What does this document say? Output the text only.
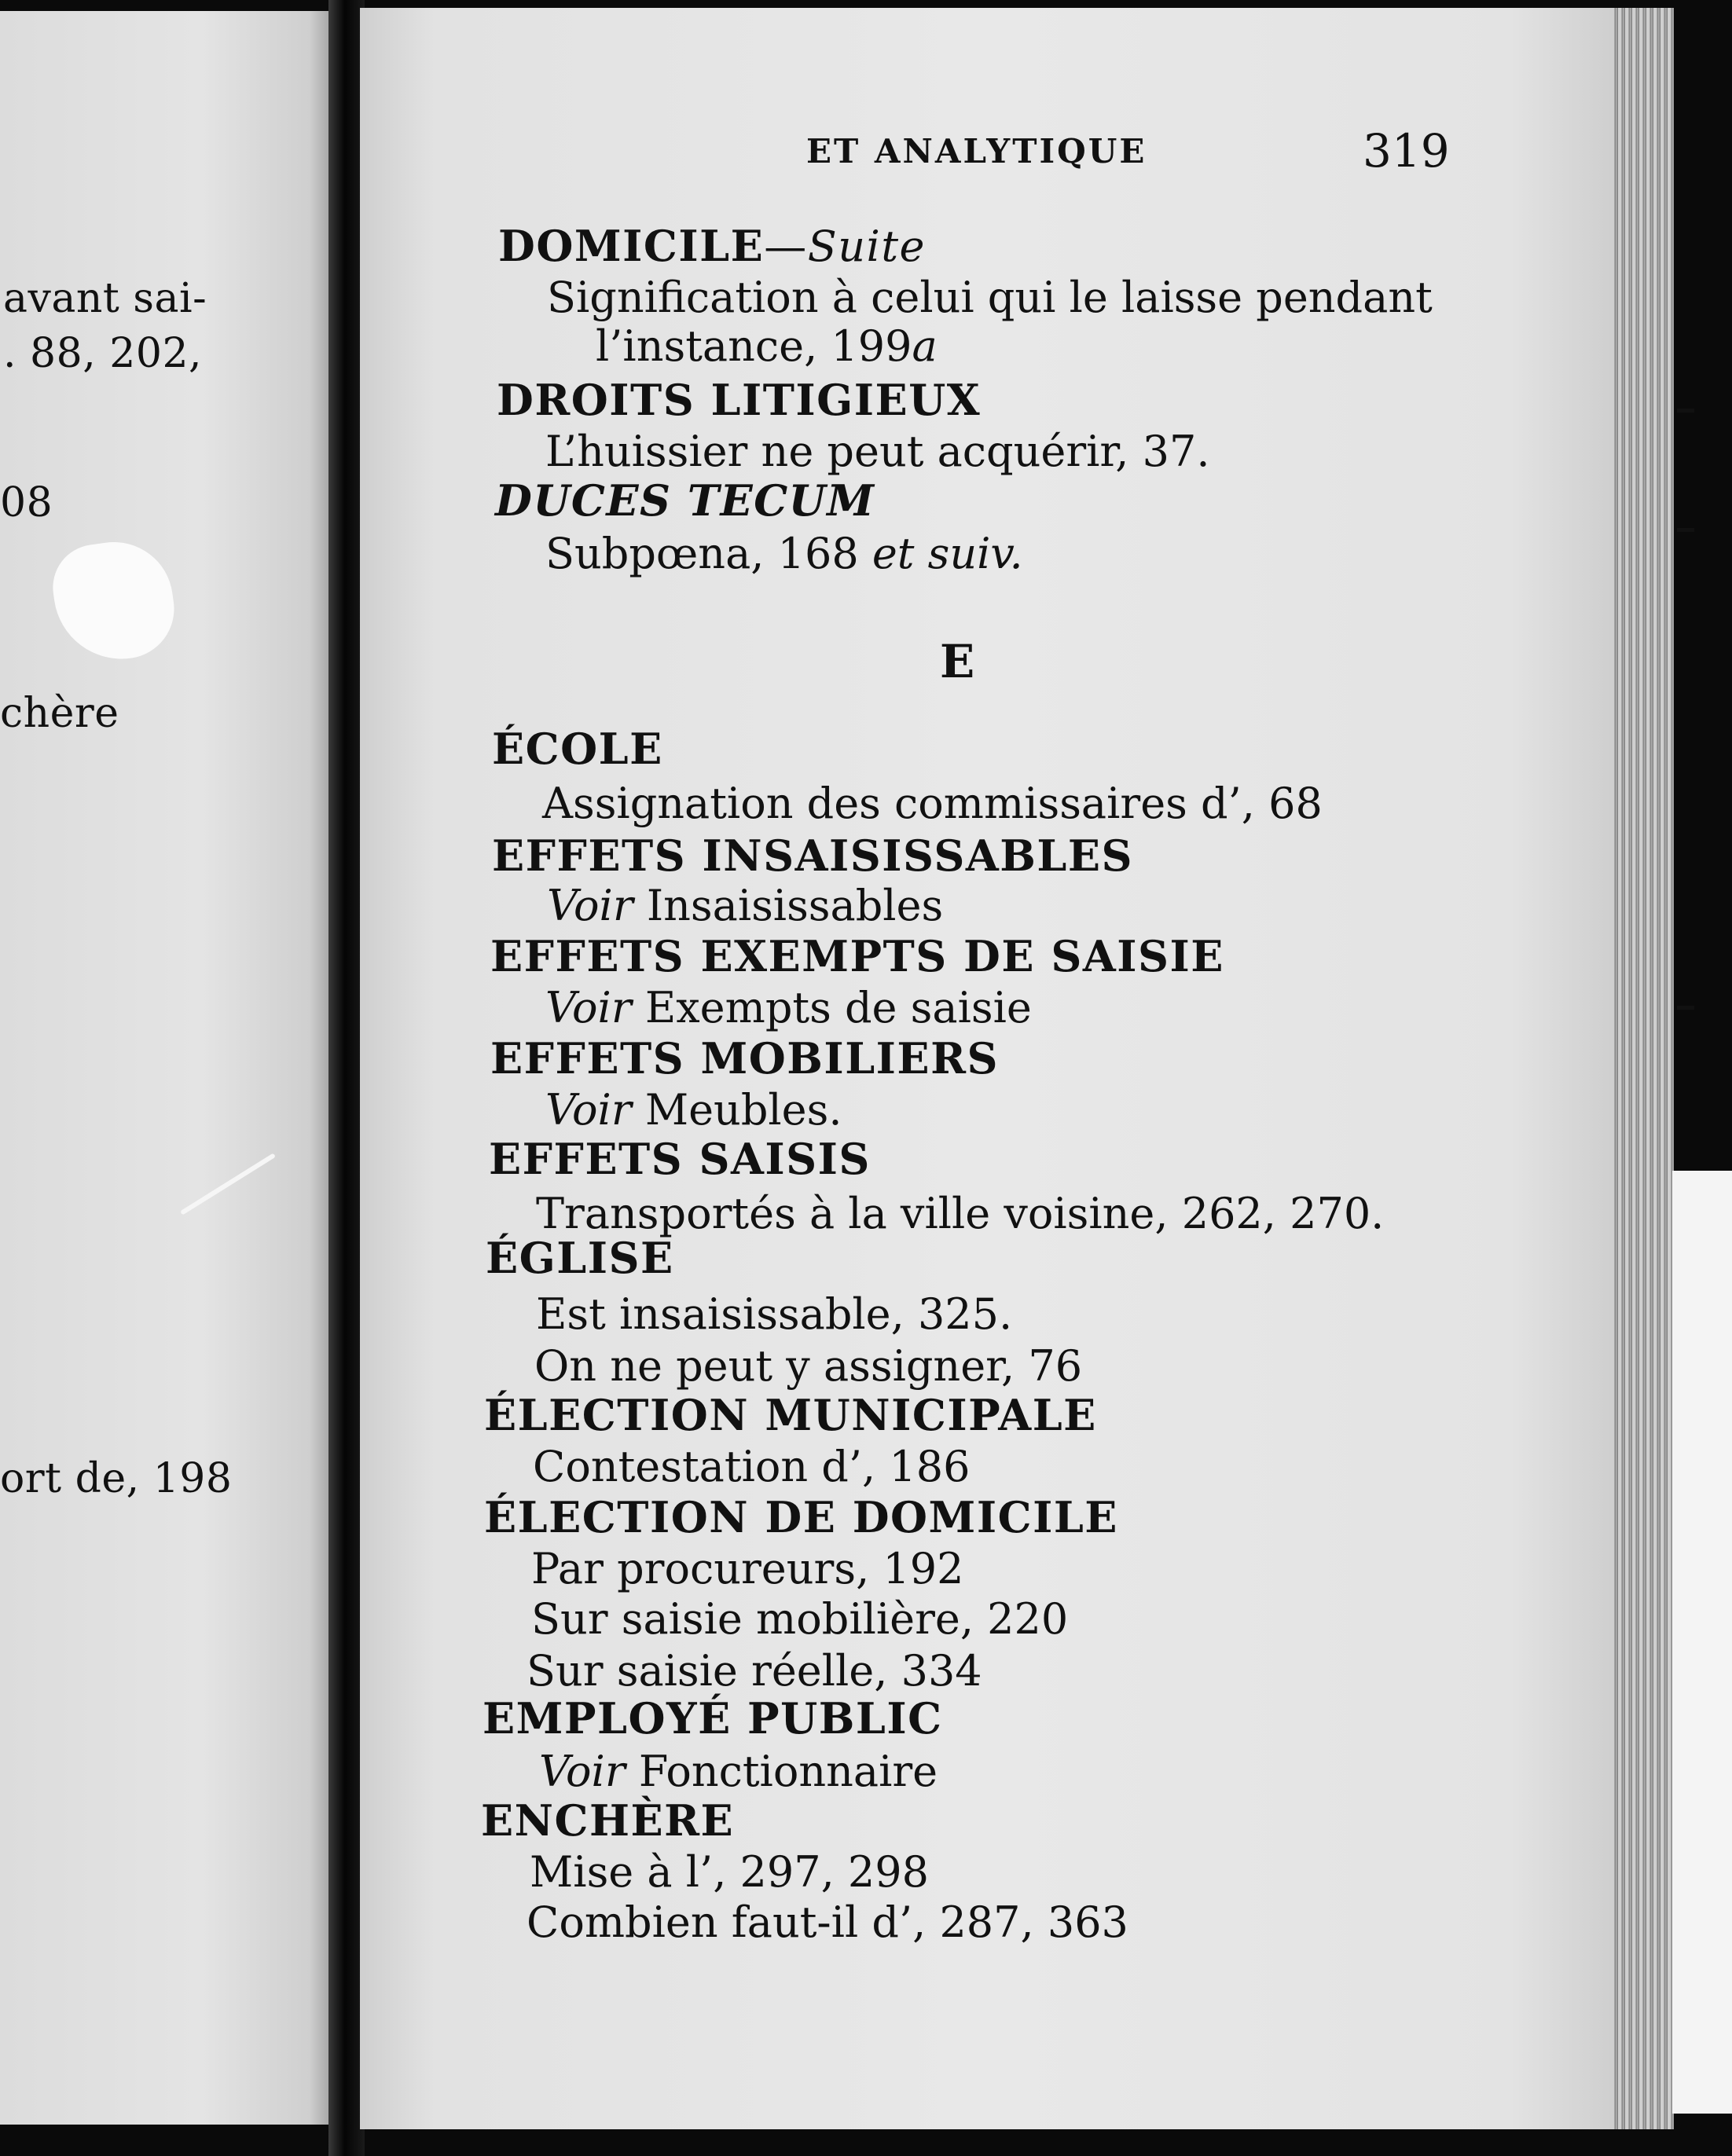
avant sai-
. 88, 202,
08
chère
ort de, 198
ET ANALYTIQUE	319
DOMICILE—Suite
Signification à celui qui le laisse pendant
l’instance, 199a
DROITS LITIGIEUX
L’huissier ne peut acquérir, 37.
DUCES TECUM
Subpœna, 168 et suiv.
E
ÉCOLE
Assignation des commissaires d’, 68
EFFETS INSAISISSABLES
Voir Insaisissables
EFFETS EXEMPTS DE SAISIE
Voir Exempts de saisie
EFFETS MOBILIERS
Voir Meubles.
EFFETS SAISIS
Transportés à la ville voisine, 262, 270.
ÉGLISE
Est insaisissable, 325.
On ne peut y assigner, 76
ÉLECTION MUNICIPALE
Contestation d’, 186
ÉLECTION DE DOMICILE
Par procureurs, 192
Sur saisie mobilière, 220
Sur saisie réelle, 334
EMPLOYÉ PUBLIC
Voir Fonctionnaire
ENCHÈRE
Mise à l’, 297, 298
Combien faut-il d’, 287, 363
